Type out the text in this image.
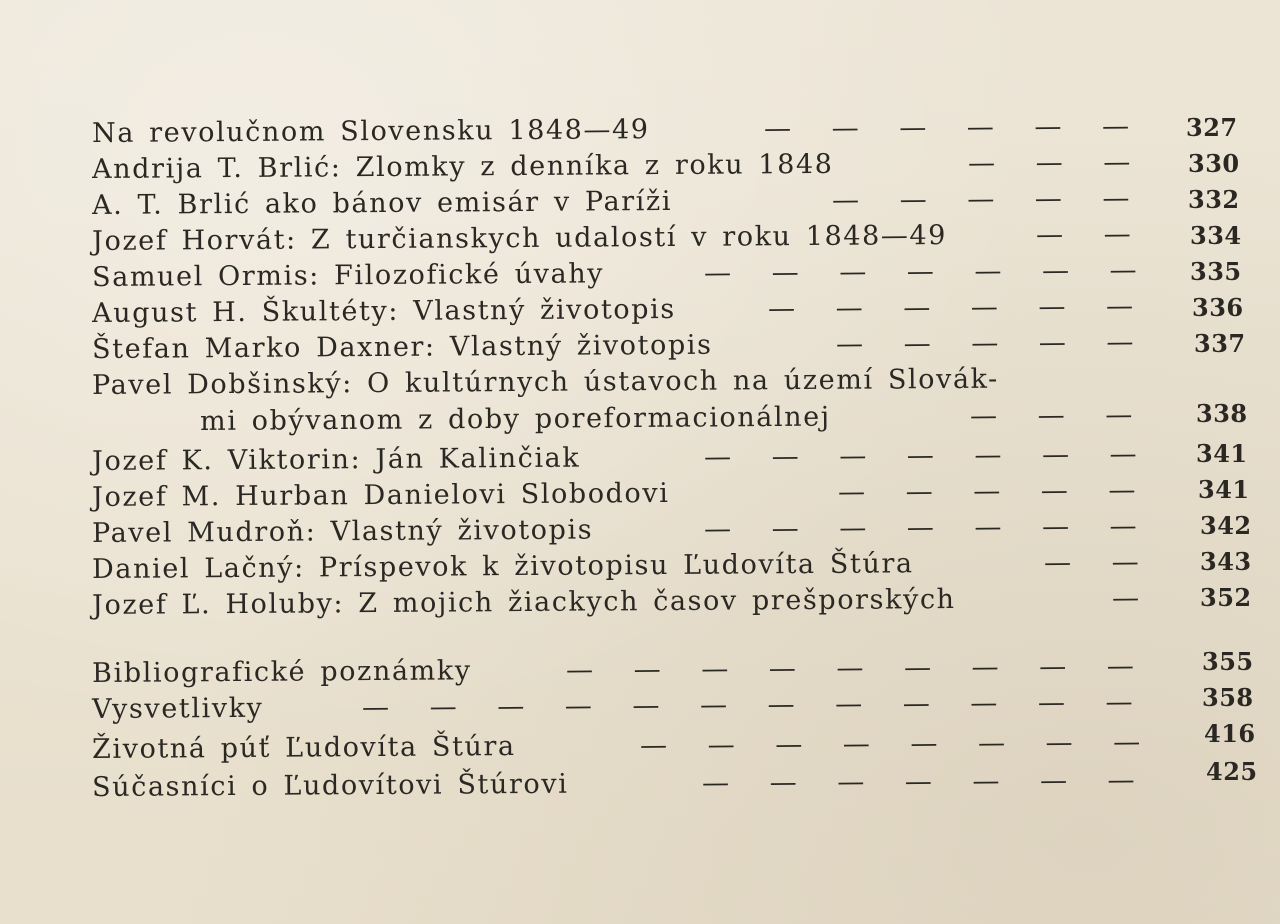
Na revolučnom Slovensku 1848—49	— — — — — — 327
Andrija T. Brlić: Zlomky z denníka z roku 1848	— — — 330
A. T. Brlić ako bánov emisár v Paríži	— — — — — 332
Jozef Horvát: Z turčianskych udalostí v roku 1848—49	— — 334
Samuel Ormis: Filozofické úvahy	— — — — — — — 335
August H. Škultéty: Vlastný životopis	— — — — — — 336
Štefan Marko Daxner: Vlastný životopis	— — — — — 337
Pavel Dobšinský: O kultúrnych ústavoch na území Slovák-
mi obývanom z doby poreformacionálnej	— — — 338
Jozef K. Viktorin: Ján Kalinčiak	— — — — — — — 341
Jozef M. Hurban Danielovi Slobodovi	— — — — — 341
Pavel Mudroň: Vlastný životopis	— — — — — — — 342
Daniel Lačný: Príspevok k životopisu Ľudovíta Štúra	— — 343
Jozef Ľ. Holuby: Z mojich žiackych časov prešporských	— 352
Bibliografické poznámky	— — — — — — — — — 355
Vysvetlivky	— — — — — — — — — — — — 358
Životná púť Ľudovíta Štúra	— — — — — — — — 416
Súčasníci o Ľudovítovi Štúrovi	— — — — — — — 425
